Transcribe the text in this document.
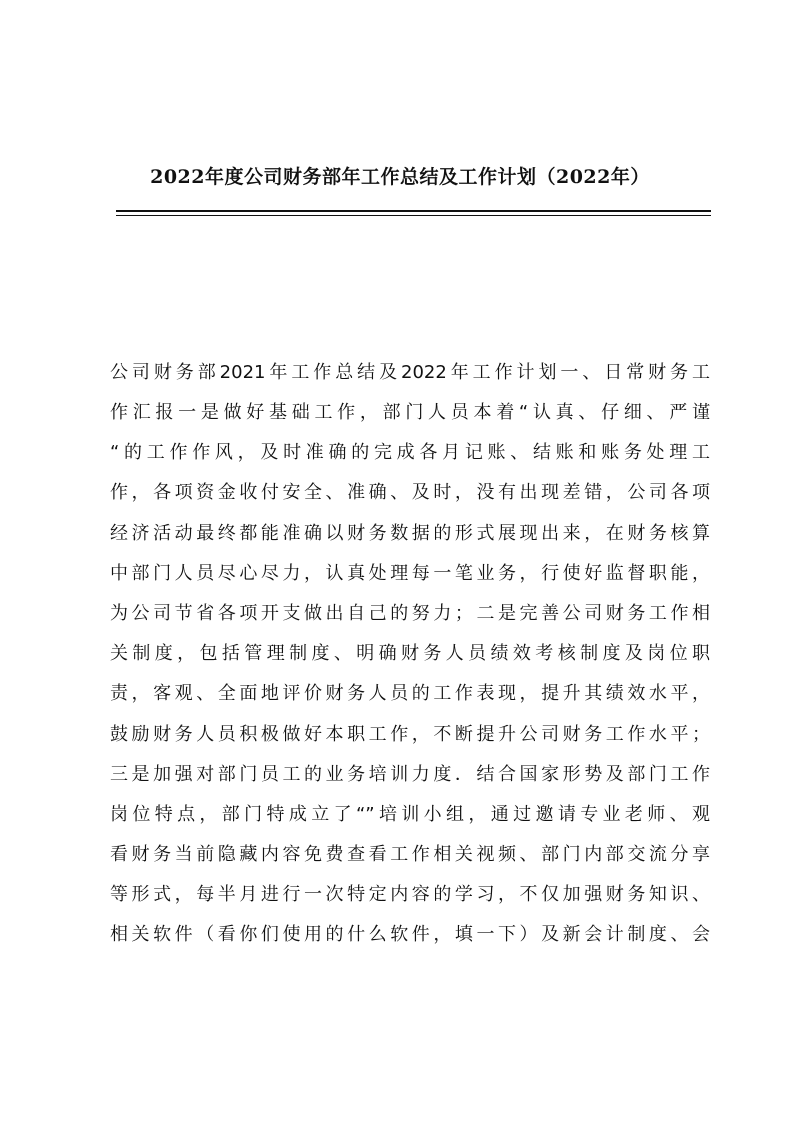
2022年度公司财务部年工作总结及工作计划（2022年）
公司财务部2021年工作总结及2022年工作计划一、日常财务工
作汇报一是做好基础工作，部门人员本着“认真、仔细、严谨
“的工作作风，及时准确的完成各月记账、结账和账务处理工
作，各项资金收付安全、准确、及时，没有出现差错，公司各项
经济活动最终都能准确以财务数据的形式展现出来，在财务核算
中部门人员尽心尽力，认真处理每一笔业务，行使好监督职能，
为公司节省各项开支做出自己的努力；二是完善公司财务工作相
关制度，包括管理制度、明确财务人员绩效考核制度及岗位职
责，客观、全面地评价财务人员的工作表现，提升其绩效水平，
鼓励财务人员积极做好本职工作，不断提升公司财务工作水平；
三是加强对部门员工的业务培训力度．结合国家形势及部门工作
岗位特点，部门特成立了“”培训小组，通过邀请专业老师、观
看财务当前隐藏内容免费查看工作相关视频、部门内部交流分享
等形式，每半月进行一次特定内容的学习，不仅加强财务知识、
相关软件（看你们使用的什么软件，填一下）及新会计制度、会
